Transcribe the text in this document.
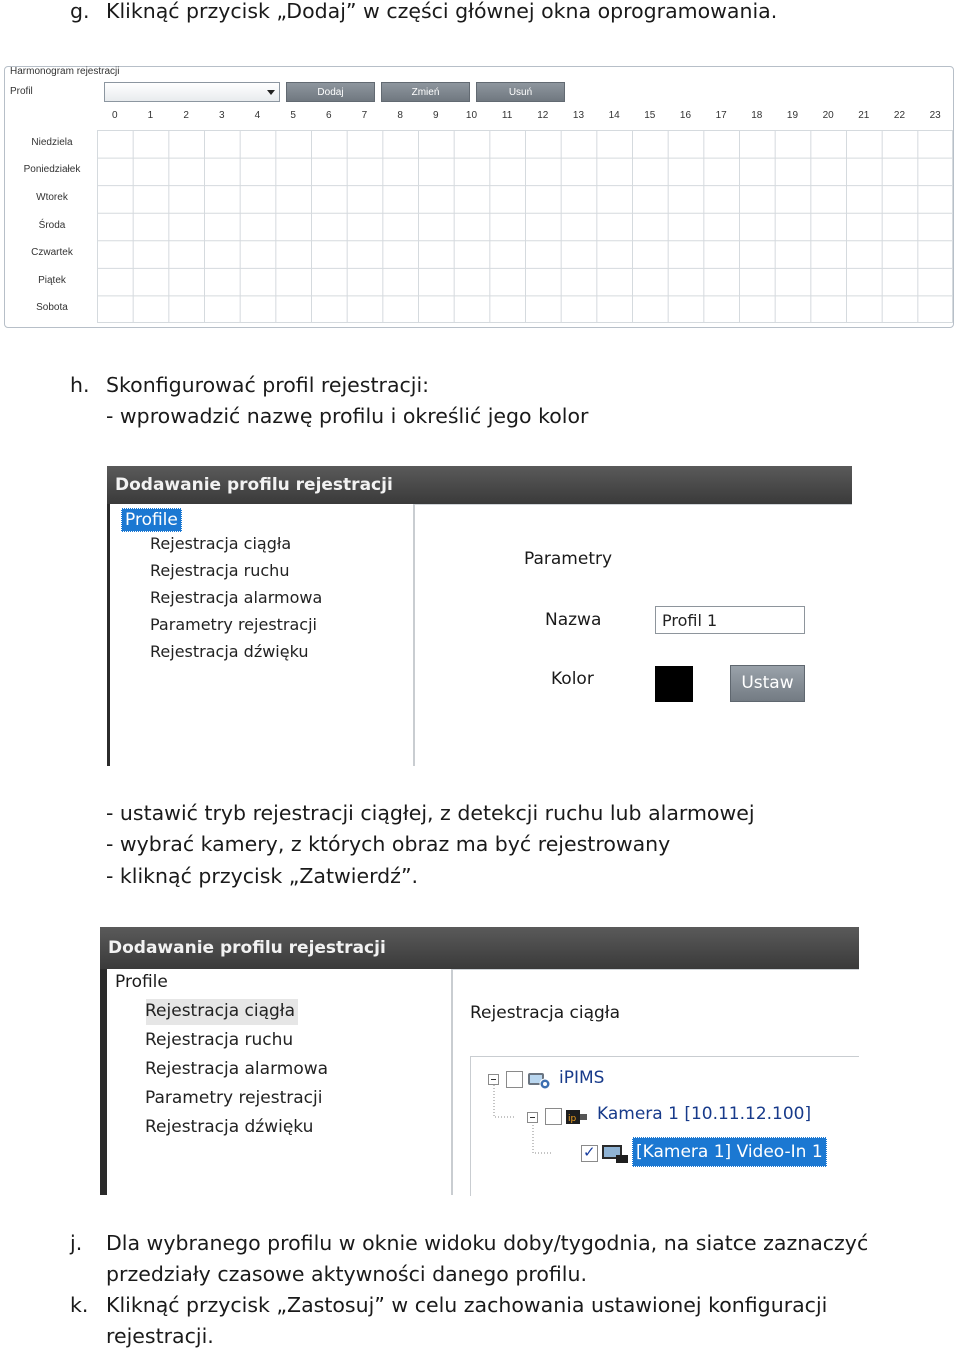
g. Kliknąć przycisk „Dodaj” w części głównej okna oprogramowania.
Harmonogram rejestracji
Profil	Dodaj	Zmień	Usuń
0	1	2	3	4	5	6	7	8	9	10	11	12	13	14	15	16	17	18	19	20	21	22	23
Niedziela
Poniedziałek
Wtorek
Środa
Czwartek
Piątek
Sobota
h. Skonfigurować profil rejestracji:
- wprowadzić nazwę profilu i określić jego kolor
Dodawanie profilu rejestracji
Profile
Rejestracja ciągła
Rejestracja ruchu
Rejestracja alarmowa
Parametry rejestracji
Rejestracja dźwięku
Parametry
Nazwa
Profil 1
Kolor	Ustaw
- ustawić tryb rejestracji ciągłej, z detekcji ruchu lub alarmowej
- wybrać kamery, z których obraz ma być rejestrowany
- kliknąć przycisk „Zatwierdź”.
Dodawanie profilu rejestracji
Profile
Rejestracja ciągła
Rejestracja ruchu
Rejestracja alarmowa
Parametry rejestracji
Rejestracja dźwięku
Rejestracja ciągła
iPIMS
ip Kamera 1 [10.11.12.100]
✓ [Kamera 1] Video-In 1
j. Dla wybranego profilu w oknie widoku doby/tygodnia, na siatce zaznaczyć
przedziały czasowe aktywności danego profilu.
k. Kliknąć przycisk „Zastosuj” w celu zachowania ustawionej konfiguracji
rejestracji.
